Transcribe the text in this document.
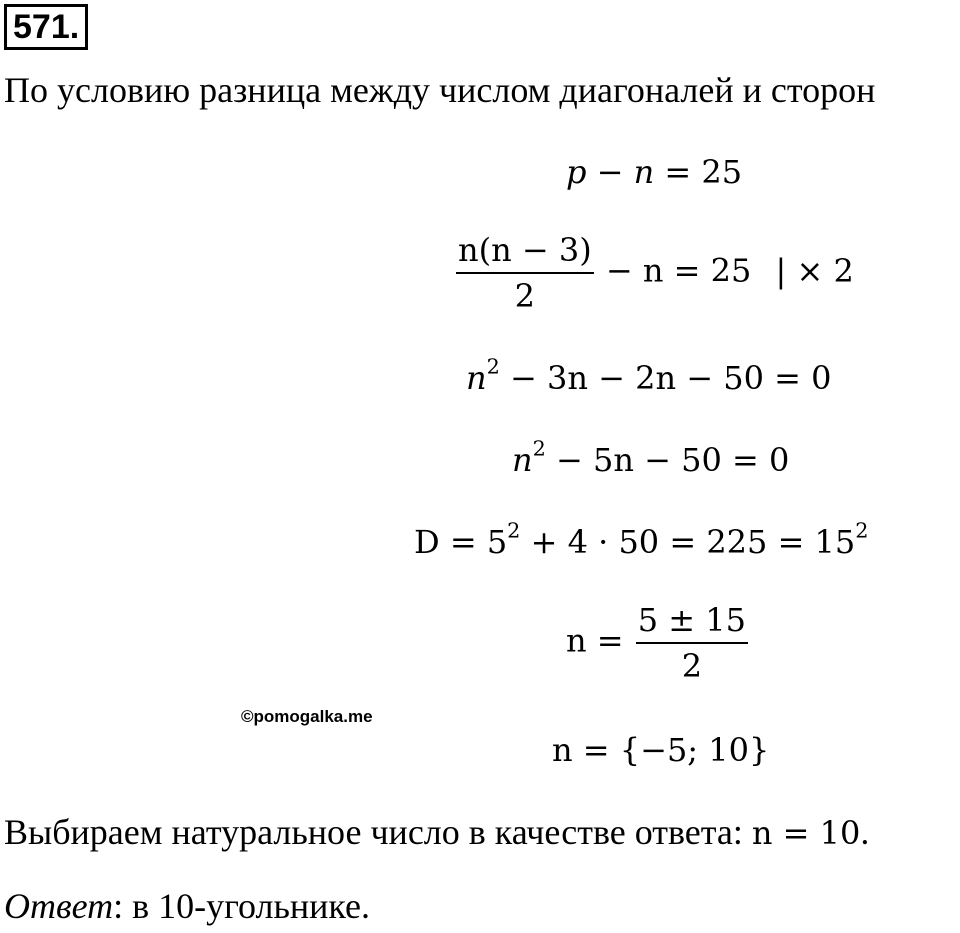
571.
По условию разница между числом диагоналей и сторон
p − n = 25
$\frac{n(n - 3)}{2} - n = 25$ | × 2
$n^2 - 3n - 2n - 50 = 0$
$n^2 - 5n - 50 = 0$
$D = 5^2 + 4 \cdot 50 = 225 = 15^2$
$n = \frac{5 \pm 15}{2}$
©pomogalka.me
n = {−5; 10}
Выбираем натуральное число в качестве ответа: n = 10.
Ответ: в 10-угольнике.
